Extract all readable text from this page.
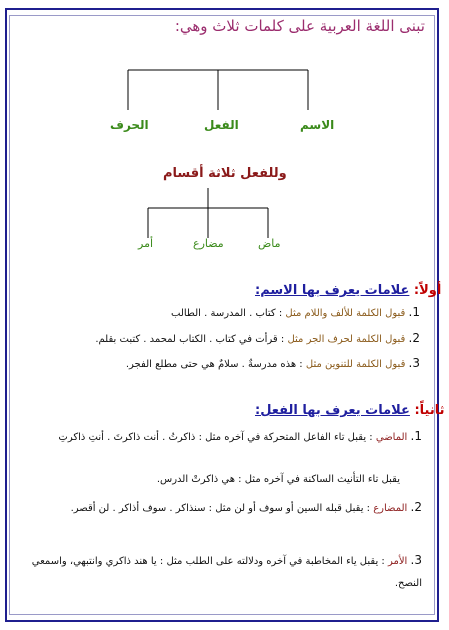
تبنى اللغة العربية على كلمات ثلاث وهي:
الاسم
الفعل
الحرف
وللفعل ثلاثة أقسام
ماض
مضارع
أمر
أولاً: علامات يعرف بها الاسم:
1. قبول الكلمة للألف واللام مثل : كتاب . المدرسة . الطالب
2. قبول الكلمة لحرف الجر مثل : قرأت في كتاب . الكتاب لمحمد . كتبت بقلم.
3. قبول الكلمة للتنوين مثل : هذه مدرسةٌ . سلامٌ هي حتى مطلع الفجر.
ثانياً: علامات يعرف بها الفعل:
1. الماضي : يقبل تاء الفاعل المتحركة في آخره مثل : ذاكرتُ . أنت ذاكرتَ . أنتِ ذاكرتِ
يقبل تاء التأنيث الساكنة في آخره مثل : هي ذاكرتْ الدرس.
2. المضارع : يقبل قبله السين أو سوف أو لن مثل : سنذاكر . سوف أذاكر . لن أقصر.
3. الأمر : يقبل ياء المخاطبة في آخره ودلالته على الطلب مثل : يا هند ذاكري وانتبهي، واسمعي النصح.
